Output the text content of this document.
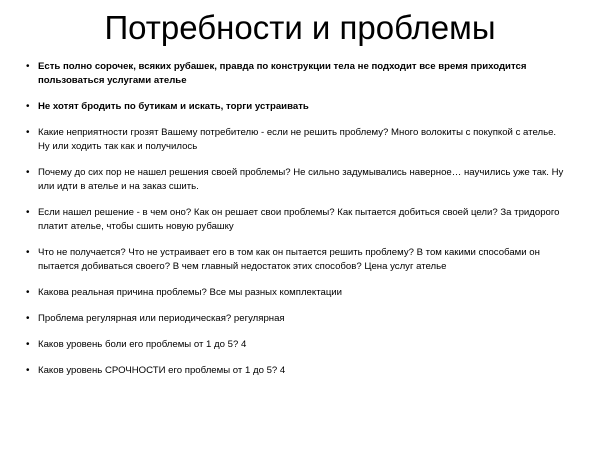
Потребности и проблемы
• Есть полно сорочек, всяких рубашек, правда по конструкции тела не подходит все время приходится пользоваться услугами ателье
• Не хотят бродить по бутикам и искать, торги устраивать
• Какие неприятности грозят Вашему потребителю - если не решить проблему? Много волокиты с покупкой с ателье. Ну или ходить так как и получилось
• Почему до сих пор не нашел решения своей проблемы? Не сильно задумывались наверное… научились уже так. Ну или идти в ателье и на заказ сшить.
• Если нашел решение - в чем оно? Как он решает свои проблемы? Как пытается добиться своей цели? За тридорого платит ателье, чтобы сшить новую рубашку
• Что не получается? Что не устраивает его в том как он пытается решить проблему? В том какими способами он пытается добиваться своего? В чем главный недостаток этих способов? Цена услуг ателье
• Какова реальная причина проблемы? Все мы разных комплектации
• Проблема регулярная или периодическая? регулярная
• Каков уровень боли его проблемы от 1 до 5? 4
• Каков уровень СРОЧНОСТИ его проблемы от 1 до 5? 4
